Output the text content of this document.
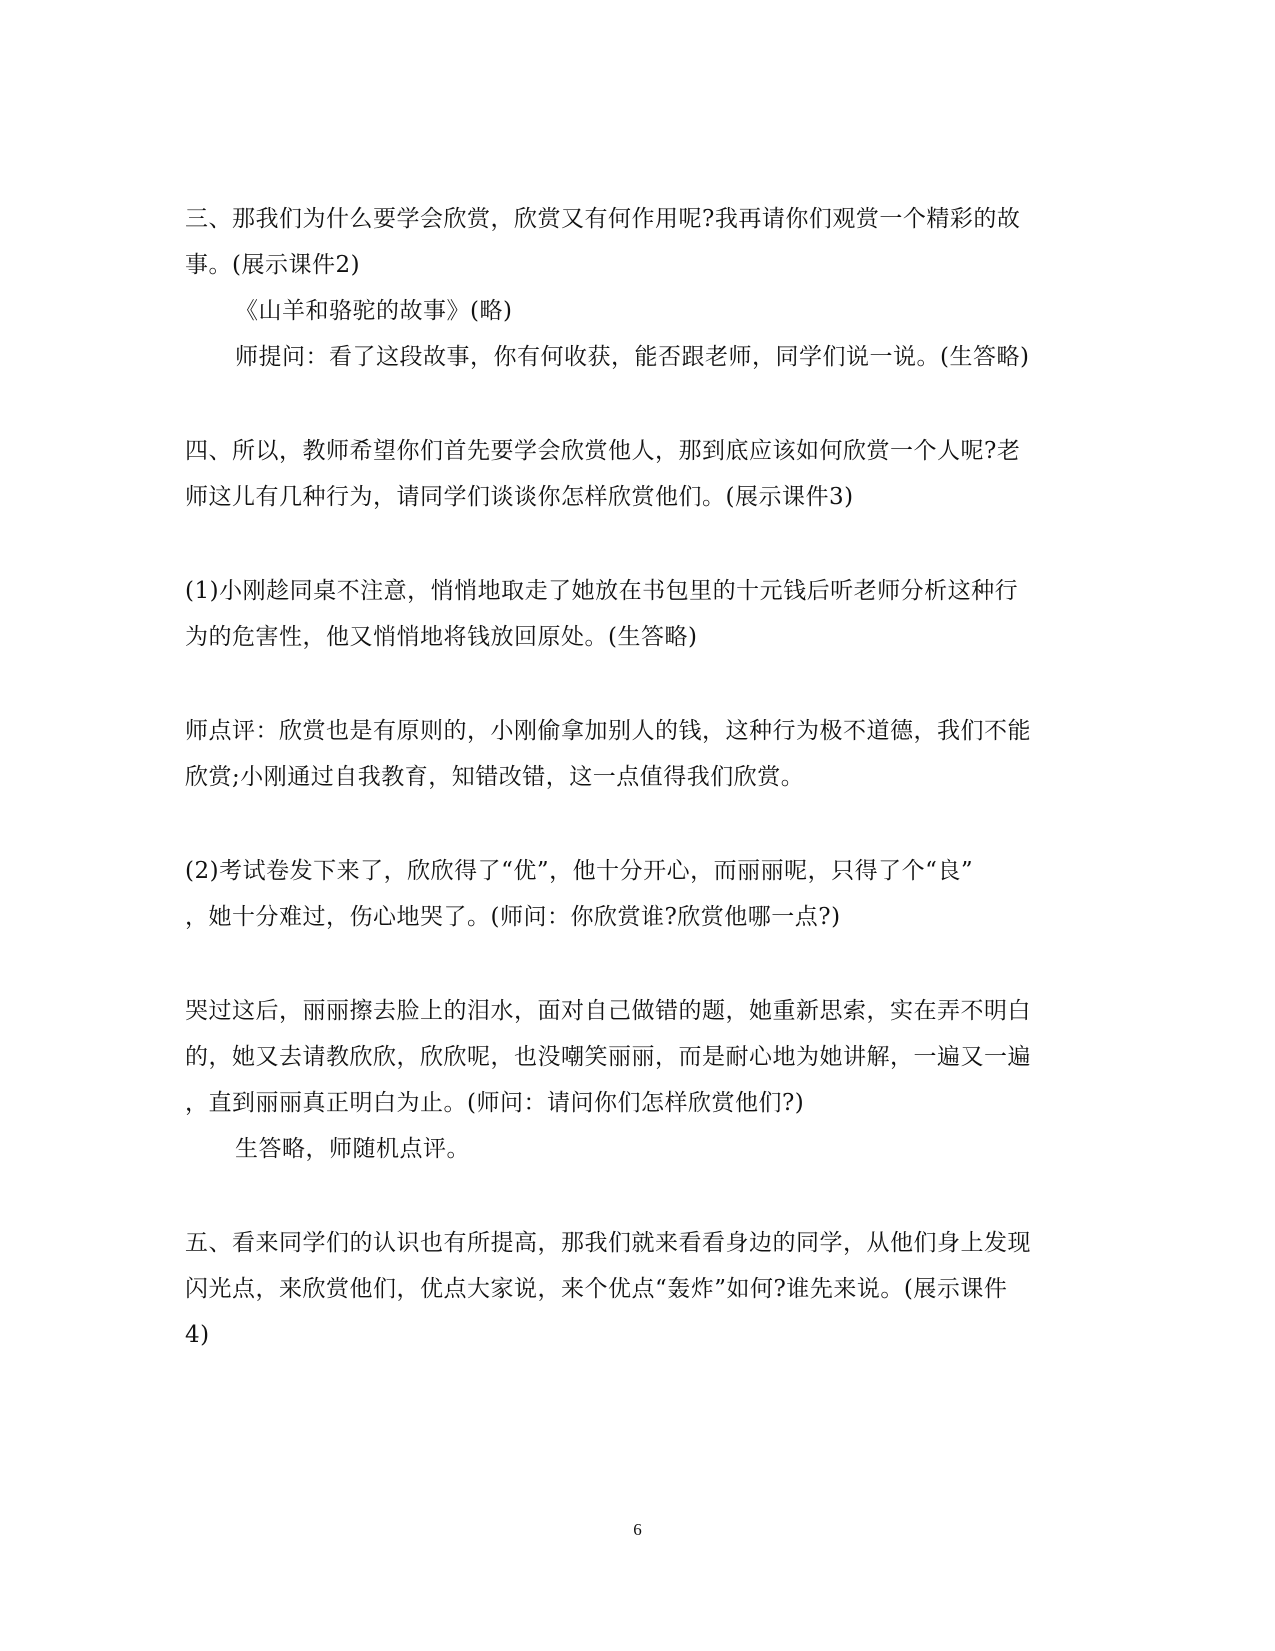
三、那我们为什么要学会欣赏，欣赏又有何作用呢?我再请你们观赏一个精彩的故
事。(展示课件2)
《山羊和骆驼的故事》(略)
师提问：看了这段故事，你有何收获，能否跟老师，同学们说一说。(生答略)
四、所以，教师希望你们首先要学会欣赏他人，那到底应该如何欣赏一个人呢?老
师这儿有几种行为，请同学们谈谈你怎样欣赏他们。(展示课件3)
(1)小刚趁同桌不注意，悄悄地取走了她放在书包里的十元钱后听老师分析这种行
为的危害性，他又悄悄地将钱放回原处。(生答略)
师点评：欣赏也是有原则的，小刚偷拿加别人的钱，这种行为极不道德，我们不能
欣赏;小刚通过自我教育，知错改错，这一点值得我们欣赏。
(2)考试卷发下来了，欣欣得了“优”，他十分开心，而丽丽呢，只得了个“良”
，她十分难过，伤心地哭了。(师问：你欣赏谁?欣赏他哪一点?)
哭过这后，丽丽擦去脸上的泪水，面对自己做错的题，她重新思索，实在弄不明白
的，她又去请教欣欣，欣欣呢，也没嘲笑丽丽，而是耐心地为她讲解，一遍又一遍
，直到丽丽真正明白为止。(师问：请问你们怎样欣赏他们?)
生答略，师随机点评。
五、看来同学们的认识也有所提高，那我们就来看看身边的同学，从他们身上发现
闪光点，来欣赏他们，优点大家说，来个优点“轰炸”如何?谁先来说。(展示课件
4)
6
